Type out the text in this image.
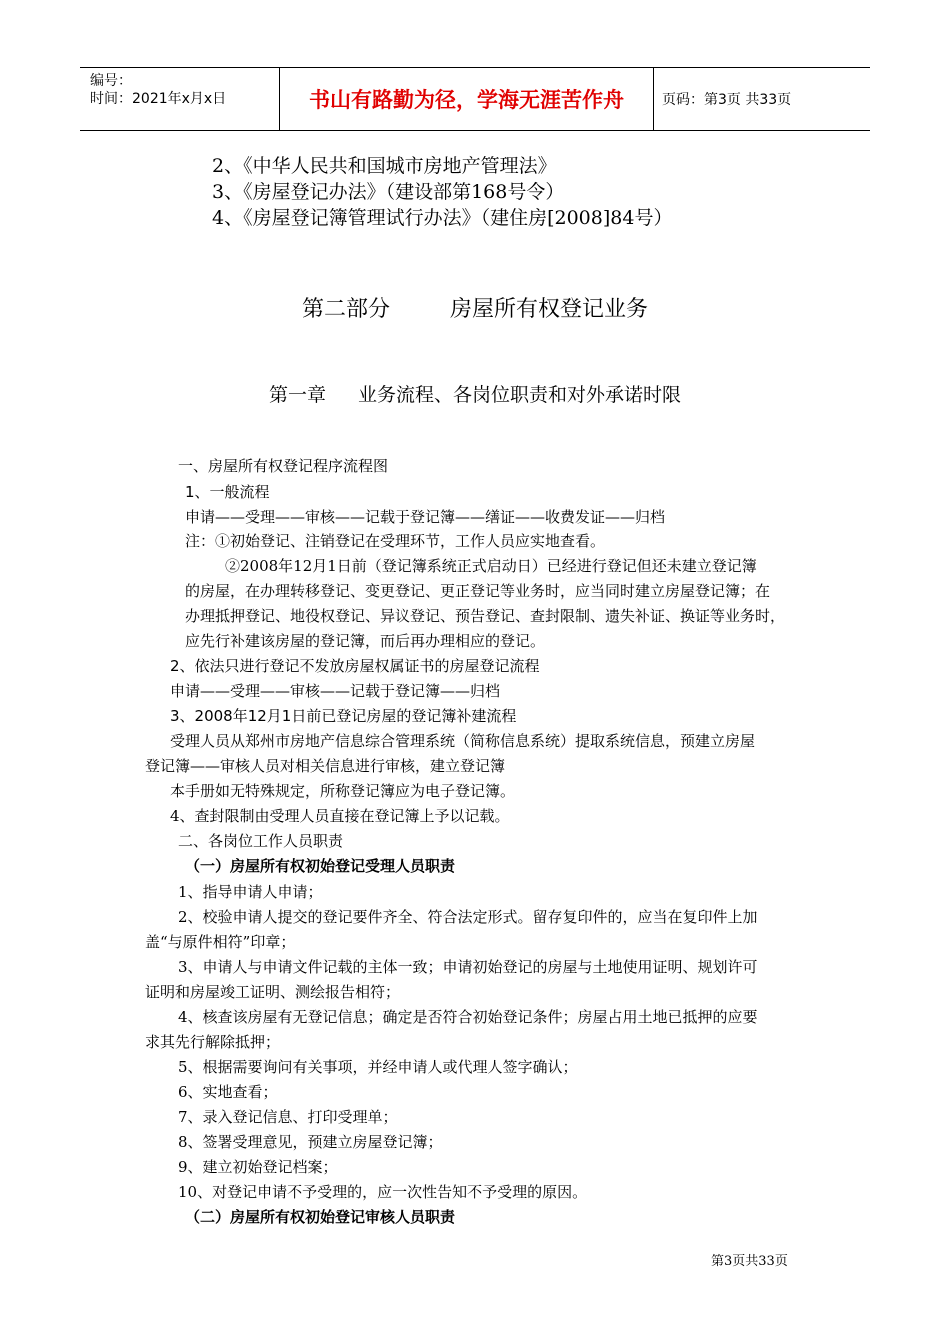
编号：
时间：2021年x月x日	书山有路勤为径，学海无涯苦作舟	页码：第3页 共33页
2、《中华人民共和国城市房地产管理法》
3、《房屋登记办法》（建设部第168号令）
4、《房屋登记簿管理试行办法》（建住房[2008]84号）
第二部分	房屋所有权登记业务
第一章 业务流程、各岗位职责和对外承诺时限
一、房屋所有权登记程序流程图
1、一般流程
申请——受理——审核——记载于登记簿——缮证——收费发证——归档
注：①初始登记、注销登记在受理环节，工作人员应实地查看。
②2008年12月1日前（登记簿系统正式启动日）已经进行登记但还未建立登记簿
的房屋，在办理转移登记、变更登记、更正登记等业务时，应当同时建立房屋登记簿；在
办理抵押登记、地役权登记、异议登记、预告登记、查封限制、遗失补证、换证等业务时，
应先行补建该房屋的登记簿，而后再办理相应的登记。
2、依法只进行登记不发放房屋权属证书的房屋登记流程
申请——受理——审核——记载于登记簿——归档
3、2008年12月1日前已登记房屋的登记簿补建流程
受理人员从郑州市房地产信息综合管理系统（简称信息系统）提取系统信息，预建立房屋
登记簿——审核人员对相关信息进行审核，建立登记簿
本手册如无特殊规定，所称登记簿应为电子登记簿。
4、查封限制由受理人员直接在登记簿上予以记载。
二、各岗位工作人员职责
（一）房屋所有权初始登记受理人员职责
1、指导申请人申请；
2、校验申请人提交的登记要件齐全、符合法定形式。留存复印件的，应当在复印件上加
盖“与原件相符”印章；
3、申请人与申请文件记载的主体一致；申请初始登记的房屋与土地使用证明、规划许可
证明和房屋竣工证明、测绘报告相符；
4、核查该房屋有无登记信息；确定是否符合初始登记条件；房屋占用土地已抵押的应要
求其先行解除抵押；
5、根据需要询问有关事项，并经申请人或代理人签字确认；
6、实地查看；
7、录入登记信息、打印受理单；
8、签署受理意见，预建立房屋登记簿；
9、建立初始登记档案；
10、对登记申请不予受理的，应一次性告知不予受理的原因。
（二）房屋所有权初始登记审核人员职责
第3页共33页
